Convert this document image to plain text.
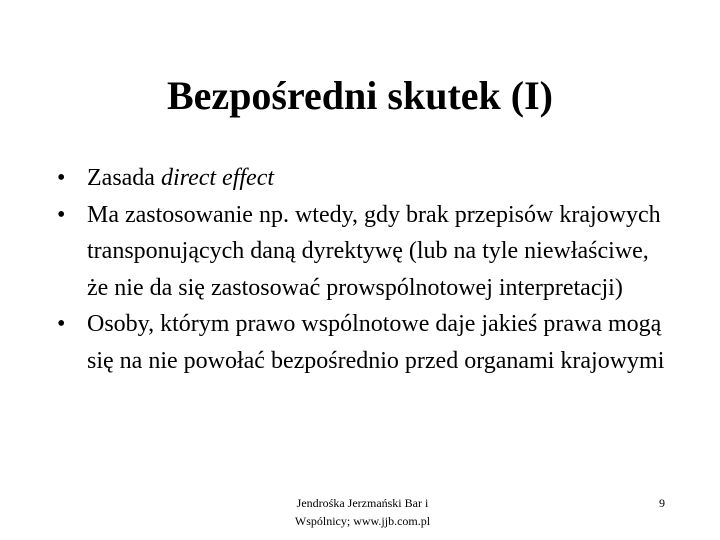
Bezpośredni skutek (I)
• Zasada direct effect
• Ma zastosowanie np. wtedy, gdy brak przepisów krajowych transponujących daną dyrektywę (lub na tyle niewłaściwe, że nie da się zastosować prowspólnotowej interpretacji)
• Osoby, którym prawo wspólnotowe daje jakieś prawa mogą się na nie powołać bezpośrednio przed organami krajowymi
Jendrośka Jerzmański Bar i
Wspólnicy; www.jjb.com.pl
9
